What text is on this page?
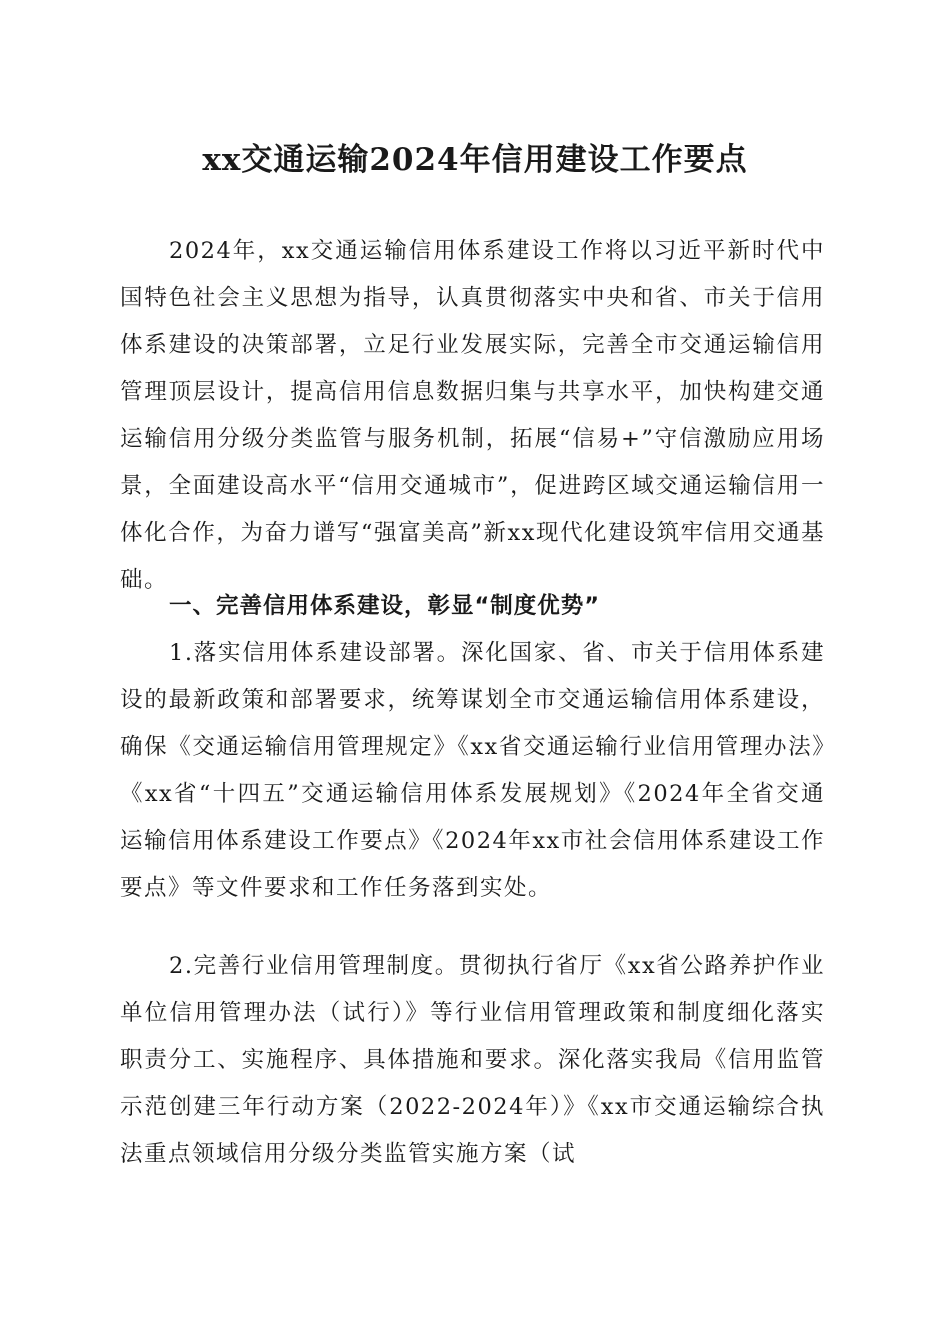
xx交通运输2024年信用建设工作要点

2024年，xx交通运输信用体系建设工作将以习近平新时代中国特色社会主义思想为指导，认真贯彻落实中央和省、市关于信用体系建设的决策部署，立足行业发展实际，完善全市交通运输信用管理顶层设计，提高信用信息数据归集与共享水平，加快构建交通运输信用分级分类监管与服务机制，拓展“信易+”守信激励应用场景，全面建设高水平“信用交通城市”，促进跨区域交通运输信用一体化合作，为奋力谱写“强富美高”新xx现代化建设筑牢信用交通基础。

一、完善信用体系建设，彰显“制度优势”

1.落实信用体系建设部署。深化国家、省、市关于信用体系建设的最新政策和部署要求，统筹谋划全市交通运输信用体系建设，确保《交通运输信用管理规定》《xx省交通运输行业信用管理办法》《xx省“十四五”交通运输信用体系发展规划》《2024年全省交通运输信用体系建设工作要点》《2024年xx市社会信用体系建设工作要点》等文件要求和工作任务落到实处。

2.完善行业信用管理制度。贯彻执行省厅《xx省公路养护作业单位信用管理办法（试行）》等行业信用管理政策和制度细化落实职责分工、实施程序、具体措施和要求。深化落实我局《信用监管示范创建三年行动方案（2022-2024年）》《xx市交通运输综合执法重点领域信用分级分类监管实施方案（试
